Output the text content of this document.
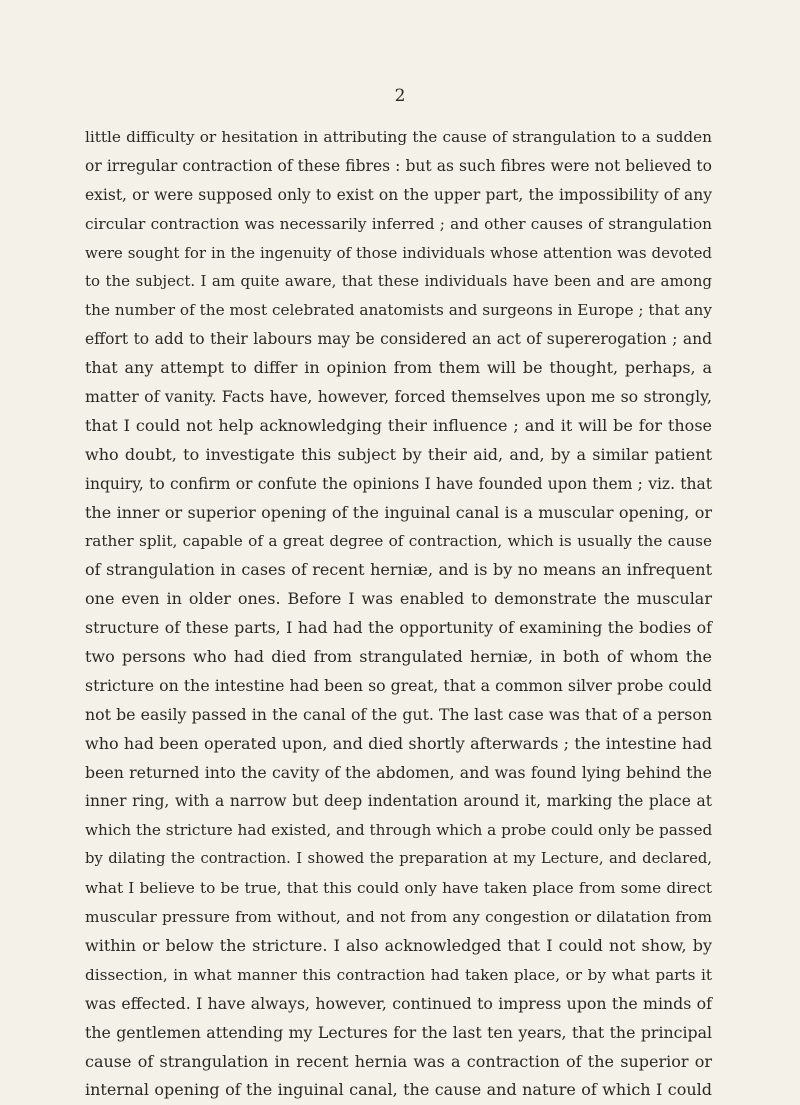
2
little difficulty or hesitation in attributing the cause of strangulation to a sudden
or irregular contraction of these fibres : but as such fibres were not believed to
exist, or were supposed only to exist on the upper part, the impossibility of any
circular contraction was necessarily inferred ; and other causes of strangulation
were sought for in the ingenuity of those individuals whose attention was devoted
to the subject. I am quite aware, that these individuals have been and are among
the number of the most celebrated anatomists and surgeons in Europe ; that any
effort to add to their labours may be considered an act of supererogation ; and
that any attempt to differ in opinion from them will be thought, perhaps, a
matter of vanity. Facts have, however, forced themselves upon me so strongly,
that I could not help acknowledging their influence ; and it will be for those
who doubt, to investigate this subject by their aid, and, by a similar patient
inquiry, to confirm or confute the opinions I have founded upon them ; viz. that
the inner or superior opening of the inguinal canal is a muscular opening, or
rather split, capable of a great degree of contraction, which is usually the cause
of strangulation in cases of recent herniæ, and is by no means an infrequent
one even in older ones. Before I was enabled to demonstrate the muscular
structure of these parts, I had had the opportunity of examining the bodies of
two persons who had died from strangulated herniæ, in both of whom the
stricture on the intestine had been so great, that a common silver probe could
not be easily passed in the canal of the gut. The last case was that of a person
who had been operated upon, and died shortly afterwards ; the intestine had
been returned into the cavity of the abdomen, and was found lying behind the
inner ring, with a narrow but deep indentation around it, marking the place at
which the stricture had existed, and through which a probe could only be passed
by dilating the contraction. I showed the preparation at my Lecture, and declared,
what I believe to be true, that this could only have taken place from some direct
muscular pressure from without, and not from any congestion or dilatation from
within or below the stricture. I also acknowledged that I could not show, by
dissection, in what manner this contraction had taken place, or by what parts it
was effected. I have always, however, continued to impress upon the minds of
the gentlemen attending my Lectures for the last ten years, that the principal
cause of strangulation in recent hernia was a contraction of the superior or
internal opening of the inguinal canal, the cause and nature of which I could
